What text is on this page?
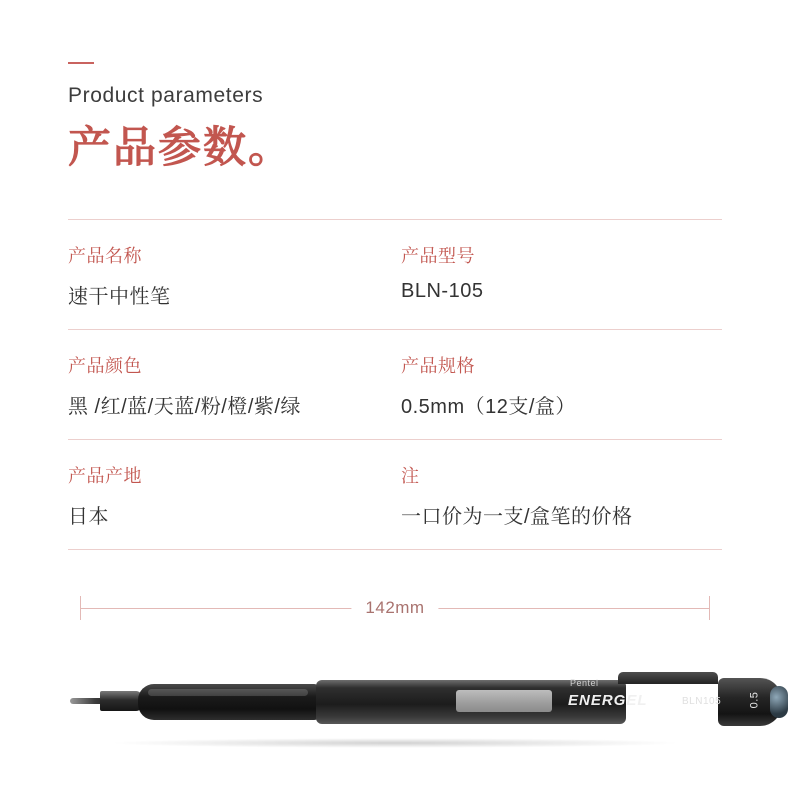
Product parameters
产品参数。
产品名称
速干中性笔
产品型号
BLN-105
产品颜色
黑 /红/蓝/天蓝/粉/橙/紫/绿
产品规格
0.5mm（12支/盒）
产品产地
日本
注
一口价为一支/盒笔的价格
142mm
Pentel
ENERGEL	BLN105 0.5
